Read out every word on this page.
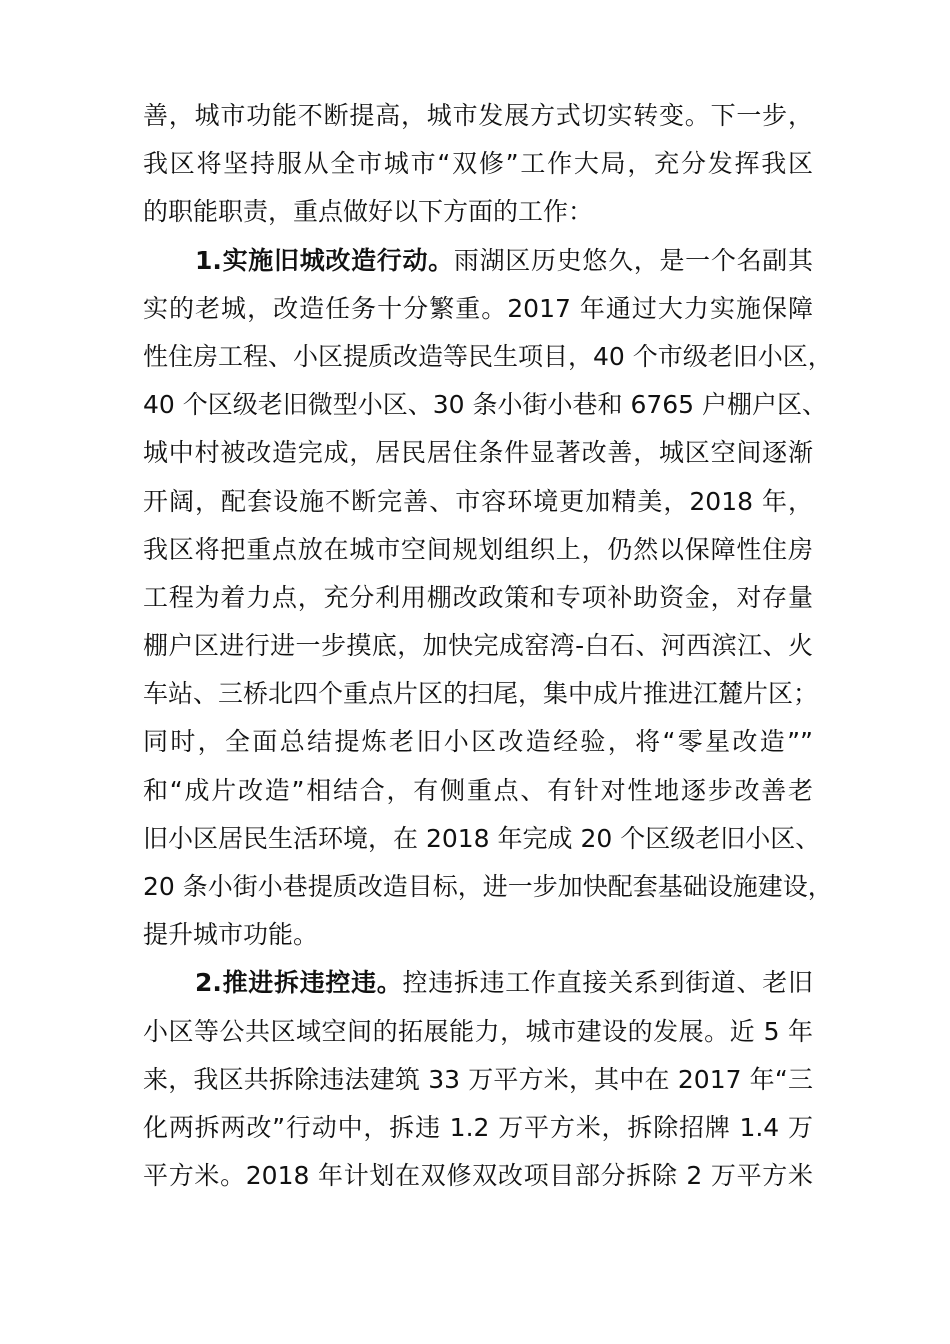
善，城市功能不断提高，城市发展方式切实转变。下一步，
我区将坚持服从全市城市“双修”工作大局，充分发挥我区
的职能职责，重点做好以下方面的工作：
1.实施旧城改造行动。雨湖区历史悠久，是一个名副其
实的老城，改造任务十分繁重。2017 年通过大力实施保障
性住房工程、小区提质改造等民生项目，40 个市级老旧小区，
40 个区级老旧微型小区、30 条小街小巷和 6765 户棚户区、
城中村被改造完成，居民居住条件显著改善，城区空间逐渐
开阔，配套设施不断完善、市容环境更加精美，2018 年，
我区将把重点放在城市空间规划组织上，仍然以保障性住房
工程为着力点，充分利用棚改政策和专项补助资金，对存量
棚户区进行进一步摸底，加快完成窑湾-白石、河西滨江、火
车站、三桥北四个重点片区的扫尾，集中成片推进江麓片区；
同时，全面总结提炼老旧小区改造经验，将“零星改造””
和“成片改造”相结合，有侧重点、有针对性地逐步改善老
旧小区居民生活环境，在 2018 年完成 20 个区级老旧小区、
20 条小街小巷提质改造目标，进一步加快配套基础设施建设，
提升城市功能。
2.推进拆违控违。控违拆违工作直接关系到街道、老旧
小区等公共区域空间的拓展能力，城市建设的发展。近 5 年
来，我区共拆除违法建筑 33 万平方米，其中在 2017 年“三
化两拆两改”行动中，拆违 1.2 万平方米，拆除招牌 1.4 万
平方米。2018 年计划在双修双改项目部分拆除 2 万平方米
